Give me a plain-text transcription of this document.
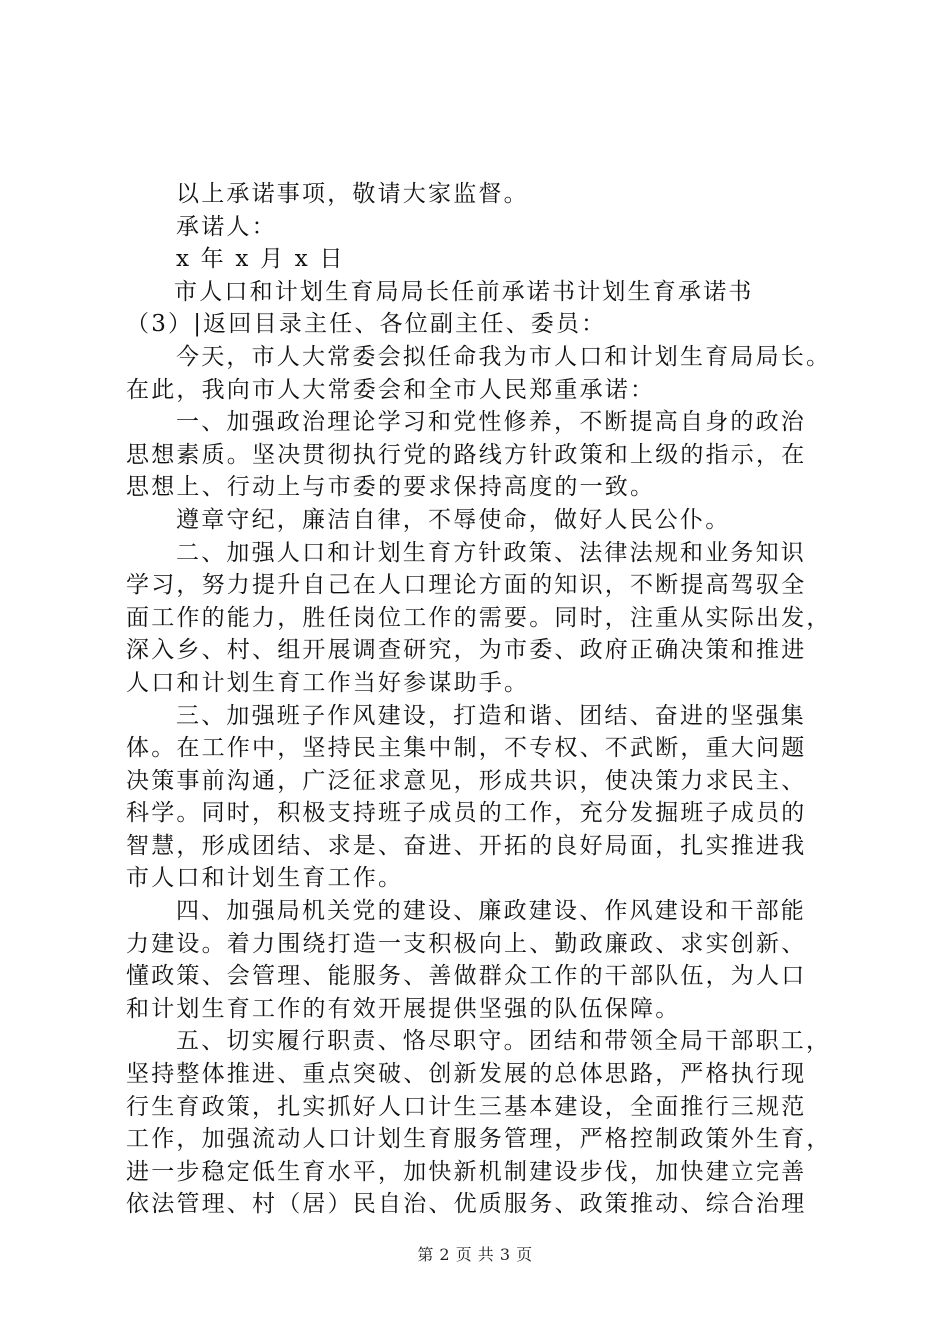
以上承诺事项，敬请大家监督。
承诺人：
x 年 x 月 x 日
市人口和计划生育局局长任前承诺书计划生育承诺书
（3）|返回目录主任、各位副主任、委员：
今天，市人大常委会拟任命我为市人口和计划生育局局长。
在此，我向市人大常委会和全市人民郑重承诺：
一、加强政治理论学习和党性修养，不断提高自身的政治
思想素质。坚决贯彻执行党的路线方针政策和上级的指示，在
思想上、行动上与市委的要求保持高度的一致。
遵章守纪，廉洁自律，不辱使命，做好人民公仆。
二、加强人口和计划生育方针政策、法律法规和业务知识
学习，努力提升自己在人口理论方面的知识，不断提高驾驭全
面工作的能力，胜任岗位工作的需要。同时，注重从实际出发，
深入乡、村、组开展调查研究，为市委、政府正确决策和推进
人口和计划生育工作当好参谋助手。
三、加强班子作风建设，打造和谐、团结、奋进的坚强集
体。在工作中，坚持民主集中制，不专权、不武断，重大问题
决策事前沟通，广泛征求意见，形成共识，使决策力求民主、
科学。同时，积极支持班子成员的工作，充分发掘班子成员的
智慧，形成团结、求是、奋进、开拓的良好局面，扎实推进我
市人口和计划生育工作。
四、加强局机关党的建设、廉政建设、作风建设和干部能
力建设。着力围绕打造一支积极向上、勤政廉政、求实创新、
懂政策、会管理、能服务、善做群众工作的干部队伍，为人口
和计划生育工作的有效开展提供坚强的队伍保障。
五、切实履行职责、恪尽职守。团结和带领全局干部职工，
坚持整体推进、重点突破、创新发展的总体思路，严格执行现
行生育政策，扎实抓好人口计生三基本建设，全面推行三规范
工作，加强流动人口计划生育服务管理，严格控制政策外生育，
进一步稳定低生育水平，加快新机制建设步伐，加快建立完善
依法管理、村（居）民自治、优质服务、政策推动、综合治理
第 2 页 共 3 页
